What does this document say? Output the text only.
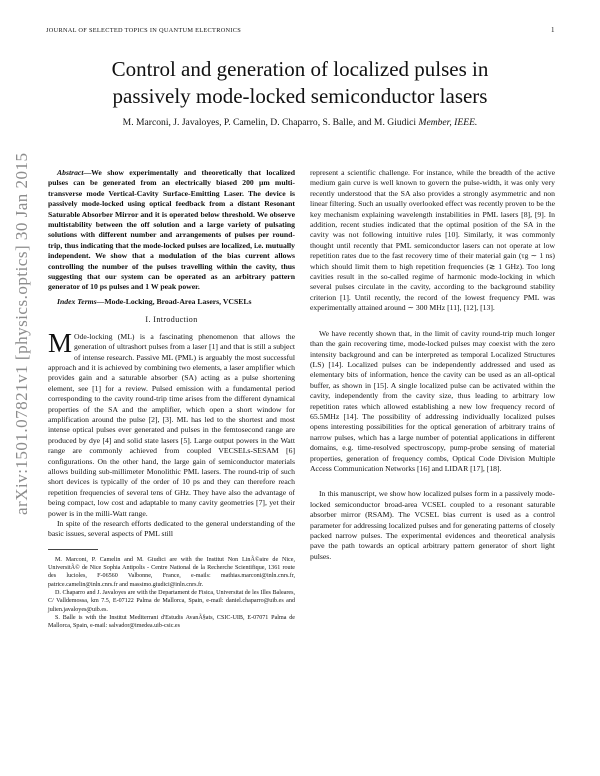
JOURNAL OF SELECTED TOPICS IN QUANTUM ELECTRONICS	1
Control and generation of localized pulses in
passively mode-locked semiconductor lasers
M. Marconi, J. Javaloyes, P. Camelin, D. Chaparro, S. Balle, and M. Giudici Member, IEEE.
arXiv:1501.07821v1 [physics.optics] 30 Jan 2015	Abstract—We show experimentally and theoretically that localized pulses can be generated from an electrically biased 200 μm multi-transverse mode Vertical-Cavity Surface-Emitting Laser. The device is passively mode-locked using optical feedback from a distant Resonant Saturable Absorber Mirror and it is operated below threshold. We observe multistability between the off solution and a large variety of pulsating solutions with different number and arrangements of pulses per round-trip, thus indicating that the mode-locked pulses are localized, i.e. mutually independent. We show that a modulation of the bias current allows controlling the number of the pulses travelling within the cavity, thus suggesting that our system can be operated as an arbitrary pattern generator of 10 ps pulses and 1 W peak power.

Index Terms—Mode-Locking, Broad-Area Lasers, VCSELs

I. Introduction

M Ode-locking (ML) is a fascinating phenomenon that allows the generation of ultrashort pulses from a laser [1] and that is still a subject of intense research. Passive ML (PML) is arguably the most successful approach and it is achieved by combining two elements, a laser amplifier which provides gain and a saturable absorber (SA) acting as a pulse shortening element, see [1] for a review. Pulsed emission with a fundamental period corresponding to the cavity round-trip time arises from the different dynamical properties of the SA and the amplifier, which open a short window for amplification around the pulse [2], [3]. ML has led to the shortest and most intense optical pulses ever generated and pulses in the femtosecond range are produced by dye [4] and solid state lasers [5]. Large output powers in the Watt range are commonly achieved from coupled VECSELs-SESAM [6] configurations. On the other hand, the large gain of semiconductor materials allows building sub-millimeter Monolithic PML lasers. The round-trip of such short devices is typically of the order of 10 ps and they can therefore reach repetition frequencies of several tens of GHz. They have also the advantage of being compact, low cost and adaptable to many cavity geometries [7], yet their power is in the milli-Watt range.

In spite of the research efforts dedicated to the general understanding of the basic issues, several aspects of PML still

M. Marconi, P. Camelin and M. Giudici are with the Institut Non LinÃ©aire de Nice, UniversitÃ© de Nice Sophia Antipolis - Centre National de la Recherche Scientifique, 1361 route des lucioles, F-06560 Valbonne, France, e-mails: mathias.marconi@inln.cnrs.fr, patrice.camelin@inln.cnrs.fr and massimo.giudici@inln.cnrs.fr.

D. Chaparro and J. Javaloyes are with the Departament de Fisica, Universitat de les Illes Baleares, C/ Valldemossa, km 7.5, E-07122 Palma de Mallorca, Spain, e-mail: daniel.chaparro@uib.es and julien.javaloyes@uib.es.

S. Balle is with the Institut Mediterrani d'Estudis AvanÃ§ats, CSIC-UIB, E-07071 Palma de Mallorca, Spain, e-mail: salvador@imedea.uib-csic.es

represent a scientific challenge. For instance, while the breadth of the active medium gain curve is well known to govern the pulse-width, it was only very recently understood that the SA also provides a strongly asymmetric and non linear filtering. Such an usually overlooked effect was recently proven to be the key mechanism explaining wavelength instabilities in PML lasers [8], [9]. In addition, recent studies indicated that the optimal position of the SA in the cavity was not following intuitive rules [10]. Similarly, it was commonly thought until recently that PML semiconductor lasers can not operate at low repetition rates due to the fast recovery time of their material gain (τg ∼ 1 ns) which should limit them to high repetition frequencies (≳ 1 GHz). Too long cavities result in the so-called regime of harmonic mode-locking in which several pulses circulate in the cavity, according to the background stability criterion [1]. Until recently, the record of the lowest frequency PML was experimentally attained around ∼ 300 MHz [11], [12], [13].

We have recently shown that, in the limit of cavity round-trip much longer than the gain recovering time, mode-locked pulses may coexist with the zero intensity background and can be interpreted as temporal Localized Structures (LS) [14]. Localized pulses can be independently addressed and used as elementary bits of information, hence the cavity can be used as an all-optical buffer, as shown in [15]. A single localized pulse can be activated within the cavity, independently from the cavity size, thus leading to arbitrary low repetition rates which allowed establishing a new low frequency record of 65.5MHz [14]. The possibility of addressing individually localized pulses opens interesting possibilities for the optical generation of arbitrary trains of narrow pulses, which has a large number of potential applications in different domains, e.g. time-resolved spectroscopy, pump-probe sensing of material properties, generation of frequency combs, Optical Code Division Multiple Access Communication Networks [16] and LIDAR [17], [18].

In this manuscript, we show how localized pulses form in a passively mode-locked semiconductor broad-area VCSEL coupled to a resonant saturable absorber mirror (RSAM). The VCSEL bias current is used as a control parameter for addressing localized pulses and for generating patterns of closely packed narrow pulses. The experimental evidences and theoretical analysis pave the path towards an optical arbitrary pattern generator of short light pulses.
